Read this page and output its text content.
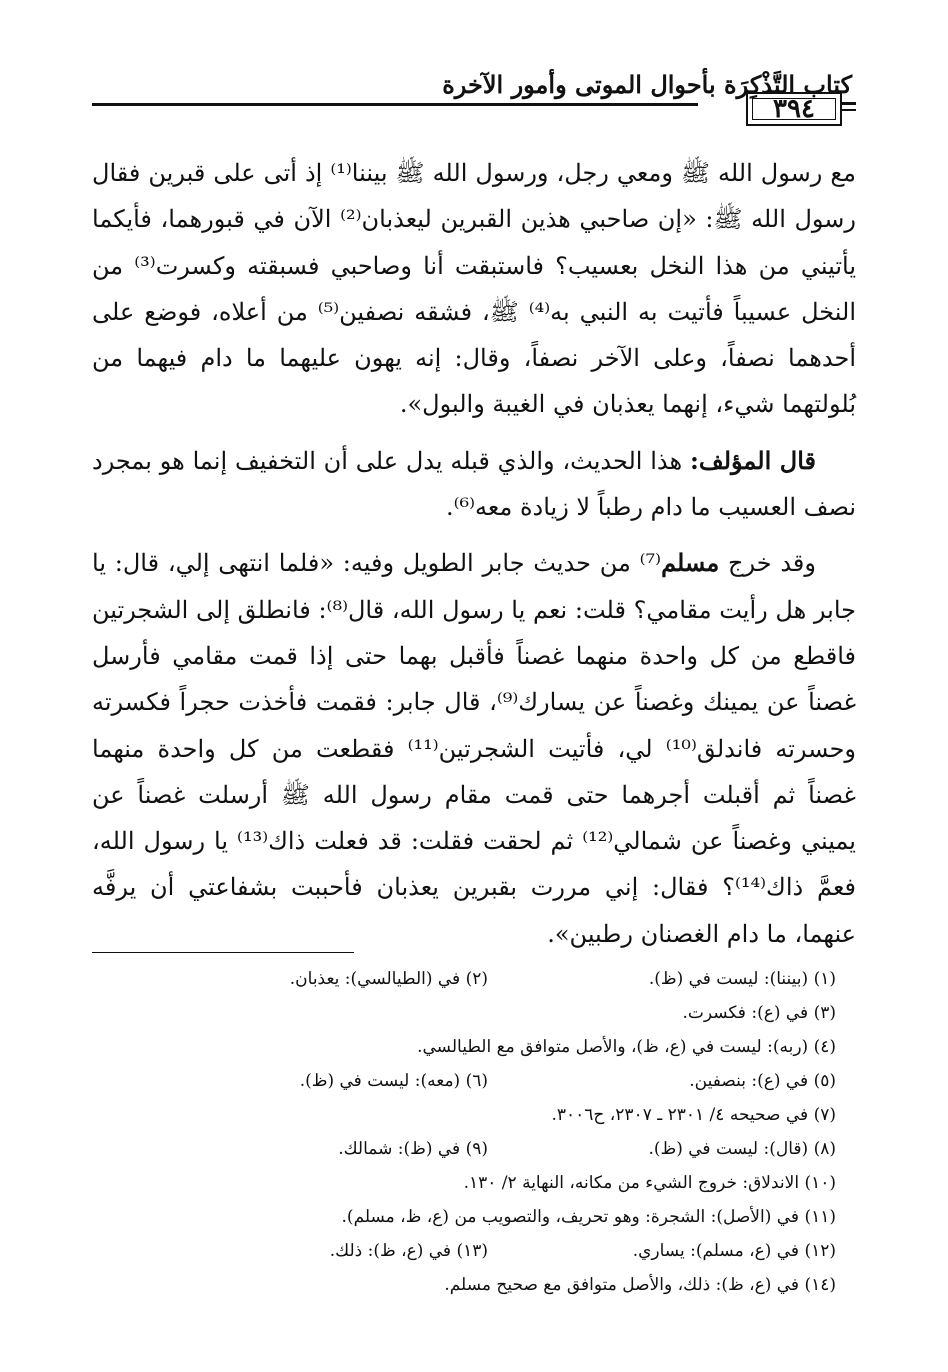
كتاب التَّذْكِرَة بأحوال الموتى وأمور الآخرة
٣٩٤

مع رسول الله ﷺ ومعي رجل، ورسول الله ﷺ بيننا⁽¹⁾ إذ أتى على قبرين فقال رسول الله ﷺ: «إن صاحبي هذين القبرين ليعذبان⁽²⁾ الآن في قبورهما، فأيكما يأتيني من هذا النخل بعسيب؟ فاستبقت أنا وصاحبي فسبقته وكسرت⁽³⁾ من النخل عسيباً فأتيت به النبي به⁽⁴⁾ ﷺ، فشقه نصفين⁽⁵⁾ من أعلاه، فوضع على أحدهما نصفاً، وعلى الآخر نصفاً، وقال: إنه يهون عليهما ما دام فيهما من بُلولتهما شيء، إنهما يعذبان في الغيبة والبول».

قال المؤلف: هذا الحديث، والذي قبله يدل على أن التخفيف إنما هو بمجرد نصف العسيب ما دام رطباً لا زيادة معه⁽⁶⁾.

وقد خرج مسلم⁽⁷⁾ من حديث جابر الطويل وفيه: «فلما انتهى إلي، قال: يا جابر هل رأيت مقامي؟ قلت: نعم يا رسول الله، قال⁽⁸⁾: فانطلق إلى الشجرتين فاقطع من كل واحدة منهما غصناً فأقبل بهما حتى إذا قمت مقامي فأرسل غصناً عن يمينك وغصناً عن يسارك⁽⁹⁾، قال جابر: فقمت فأخذت حجراً فكسرته وحسرته فاندلق⁽¹⁰⁾ لي، فأتيت الشجرتين⁽¹¹⁾ فقطعت من كل واحدة منهما غصناً ثم أقبلت أجرهما حتى قمت مقام رسول الله ﷺ أرسلت غصناً عن يميني وغصناً عن شمالي⁽¹²⁾ ثم لحقت فقلت: قد فعلت ذاك⁽¹³⁾ يا رسول الله، فعمَّ ذاك⁽¹⁴⁾؟ فقال: إني مررت بقبرين يعذبان فأحببت بشفاعتي أن يرفَّه عنهما، ما دام الغصنان رطبين».

(١) (بيننا): ليست في (ظ).
(٢) في (الطيالسي): يعذبان.
(٣) في (ع): فكسرت.
(٤) (ربه): ليست في (ع، ظ)، والأصل متوافق مع الطيالسي.
(٥) في (ع): بنصفين.
(٦) (معه): ليست في (ظ).
(٧) في صحيحه ٤/ ٢٣٠١ ـ ٢٣٠٧، ح٣٠٠٦.
(٨) (قال): ليست في (ظ).
(٩) في (ظ): شمالك.
(١٠) الاندلاق: خروج الشيء من مكانه، النهاية ٢/ ١٣٠.
(١١) في (الأصل): الشجرة: وهو تحريف، والتصويب من (ع، ظ، مسلم).
(١٢) في (ع، مسلم): يساري.
(١٣) في (ع، ظ): ذلك.
(١٤) في (ع، ظ): ذلك، والأصل متوافق مع صحيح مسلم.
